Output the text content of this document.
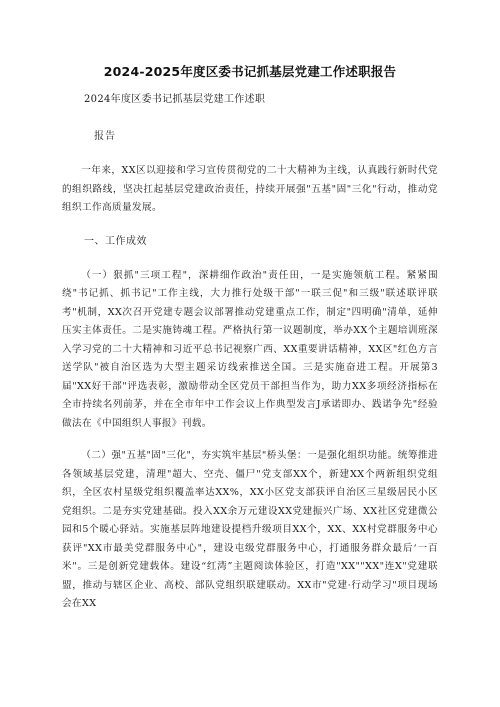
2024-2025年度区委书记抓基层党建工作述职报告
2024年度区委书记抓基层党建工作述职
报告

一年来，XX区以迎接和学习宣传贯彻党的二十大精神为主线，认真践行新时代党的组织路线，坚决扛起基层党建政治责任，持续开展强"五基"固"三化"行动，推动党组织工作高质量发展。

一、工作成效

（一）狠抓"三项工程"，深耕细作政治"责任田，一是实施领航工程。紧紧围绕"书记抓、抓书记"工作主线，大力推行处级干部"一联三促"和三级"联述联评联考"机制，XX次召开党建专题会议部署推动党建重点工作，制定"四明确"清单，延伸压实主体责任。二是实施铸魂工程。严格执行第一议题制度，举办XX个主题培训班深入学习党的二十大精神和习近平总书记视察广西、XX重要讲话精神，XX区"红色方言送学队"被自治区选为大型主题采访线索推送全国。三是实施奋进工程。开展第3届"XX好干部"评选表彰，激励带动全区党员干部担当作为，助力XX多项经济指标在全市持续名列前茅，并在全市年中工作会议上作典型发言J承诺即办、践诺争先"经验做法在《中国组织人事报》刊载。

（二）强"五基"固"三化"，夯实筑牢基层"桥头堡：一是强化组织功能。统筹推进各领域基层党建，清理"超大、空壳、僵尸"党支部XX个，新建XX个两新组织党组织，全区农村星级党组织覆盖率达XX%，XX小区党支部获评自治区三星级居民小区党组织。二是夯实党建基础。投入XX余万元建设XX党建振兴广场、XX社区党建微公园和5个暖心驿站。实施基层阵地建设提档升级项目XX个，XX、XX村党群服务中心获评"XX市最美党群服务中心"，建设屯级党群服务中心，打通服务群众最后‘一百米"。三是创新党建载体。建设“红湾”主题阅读体验区，打造"XX""XX"连X"党建联盟，推动与辖区企业、高校、部队党组织联建联动。XX市"党建·行动学习"项目现场会在XX
